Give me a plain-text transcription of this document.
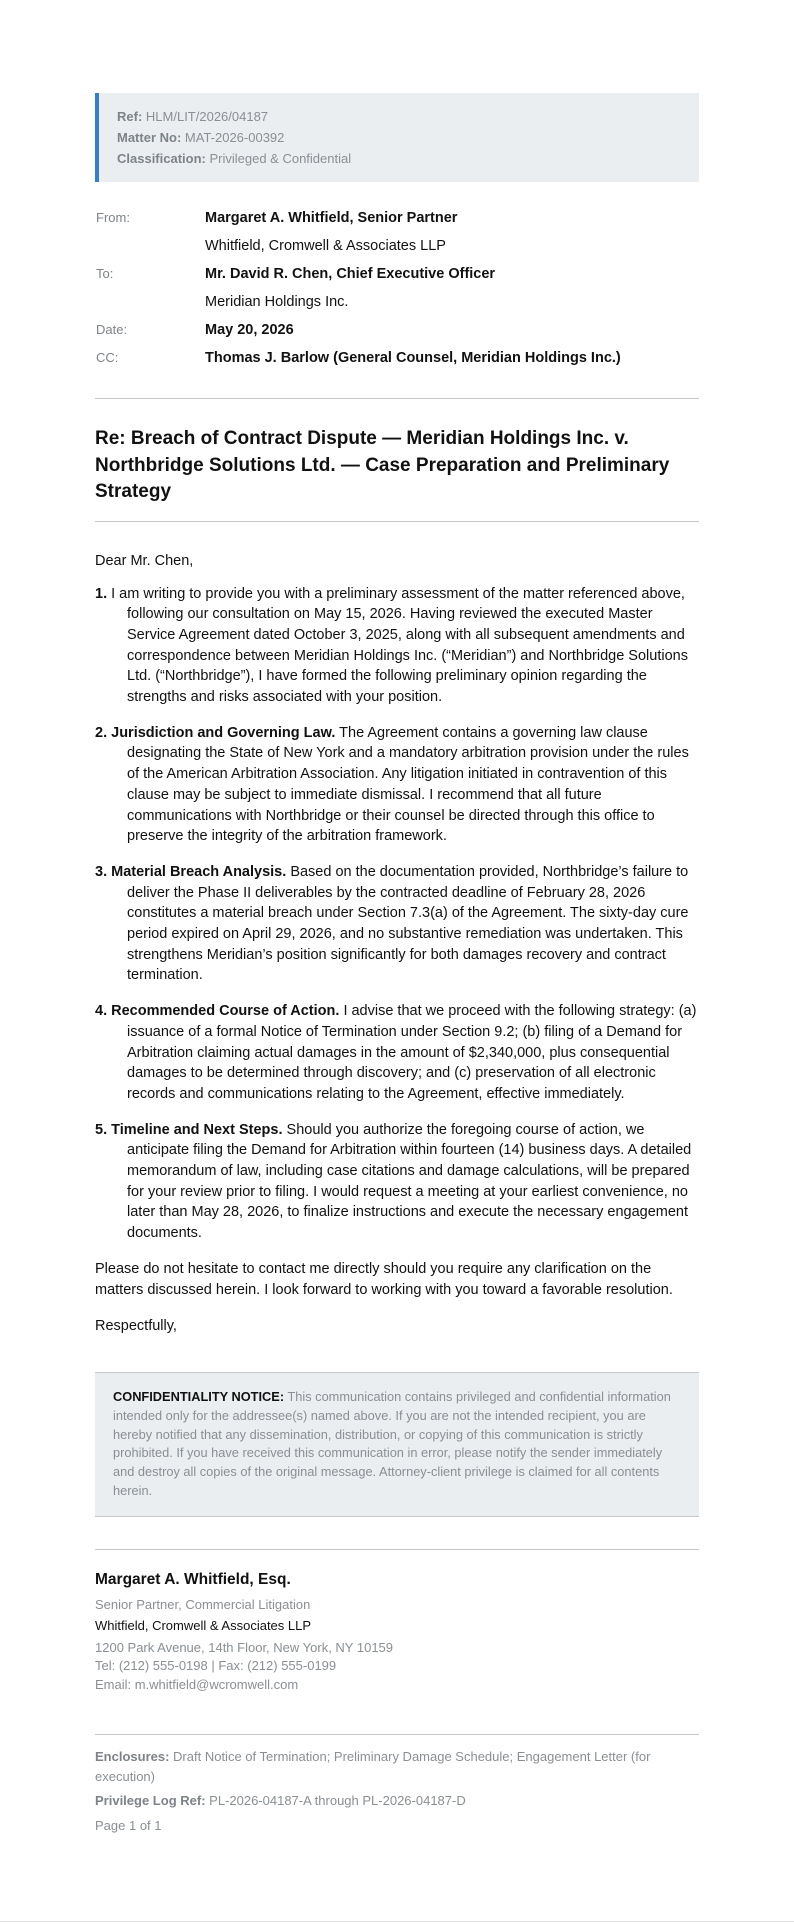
Ref: HLM/LIT/2026/04187
Matter No: MAT-2026-00392
Classification: Privileged & Confidential
From:	Margaret A. Whitfield, Senior Partner
	Whitfield, Cromwell & Associates LLP
To:	Mr. David R. Chen, Chief Executive Officer
	Meridian Holdings Inc.
Date:	May 20, 2026
CC:	Thomas J. Barlow (General Counsel, Meridian Holdings Inc.)
Re: Breach of Contract Dispute — Meridian Holdings Inc. v. Northbridge Solutions Ltd. — Case Preparation and Preliminary Strategy
Dear Mr. Chen,
1. I am writing to provide you with a preliminary assessment of the matter referenced above, following our consultation on May 15, 2026. Having reviewed the executed Master Service Agreement dated October 3, 2025, along with all subsequent amendments and correspondence between Meridian Holdings Inc. (“Meridian”) and Northbridge Solutions Ltd. (“Northbridge”), I have formed the following preliminary opinion regarding the strengths and risks associated with your position.
2. Jurisdiction and Governing Law. The Agreement contains a governing law clause designating the State of New York and a mandatory arbitration provision under the rules of the American Arbitration Association. Any litigation initiated in contravention of this clause may be subject to immediate dismissal. I recommend that all future communications with Northbridge or their counsel be directed through this office to preserve the integrity of the arbitration framework.
3. Material Breach Analysis. Based on the documentation provided, Northbridge’s failure to deliver the Phase II deliverables by the contracted deadline of February 28, 2026 constitutes a material breach under Section 7.3(a) of the Agreement. The sixty-day cure period expired on April 29, 2026, and no substantive remediation was undertaken. This strengthens Meridian’s position significantly for both damages recovery and contract termination.
4. Recommended Course of Action. I advise that we proceed with the following strategy: (a) issuance of a formal Notice of Termination under Section 9.2; (b) filing of a Demand for Arbitration claiming actual damages in the amount of $2,340,000, plus consequential damages to be determined through discovery; and (c) preservation of all electronic records and communications relating to the Agreement, effective immediately.
5. Timeline and Next Steps. Should you authorize the foregoing course of action, we anticipate filing the Demand for Arbitration within fourteen (14) business days. A detailed memorandum of law, including case citations and damage calculations, will be prepared for your review prior to filing. I would request a meeting at your earliest convenience, no later than May 28, 2026, to finalize instructions and execute the necessary engagement documents.
Please do not hesitate to contact me directly should you require any clarification on the matters discussed herein. I look forward to working with you toward a favorable resolution.
Respectfully,
CONFIDENTIALITY NOTICE: This communication contains privileged and confidential information intended only for the addressee(s) named above. If you are not the intended recipient, you are hereby notified that any dissemination, distribution, or copying of this communication is strictly prohibited. If you have received this communication in error, please notify the sender immediately and destroy all copies of the original message. Attorney-client privilege is claimed for all contents herein.
Margaret A. Whitfield, Esq.
Senior Partner, Commercial Litigation
Whitfield, Cromwell & Associates LLP
1200 Park Avenue, 14th Floor, New York, NY 10159
Tel: (212) 555-0198 | Fax: (212) 555-0199
Email: m.whitfield@wcromwell.com
Enclosures: Draft Notice of Termination; Preliminary Damage Schedule; Engagement Letter (for execution)
Privilege Log Ref: PL-2026-04187-A through PL-2026-04187-D
Page 1 of 1
